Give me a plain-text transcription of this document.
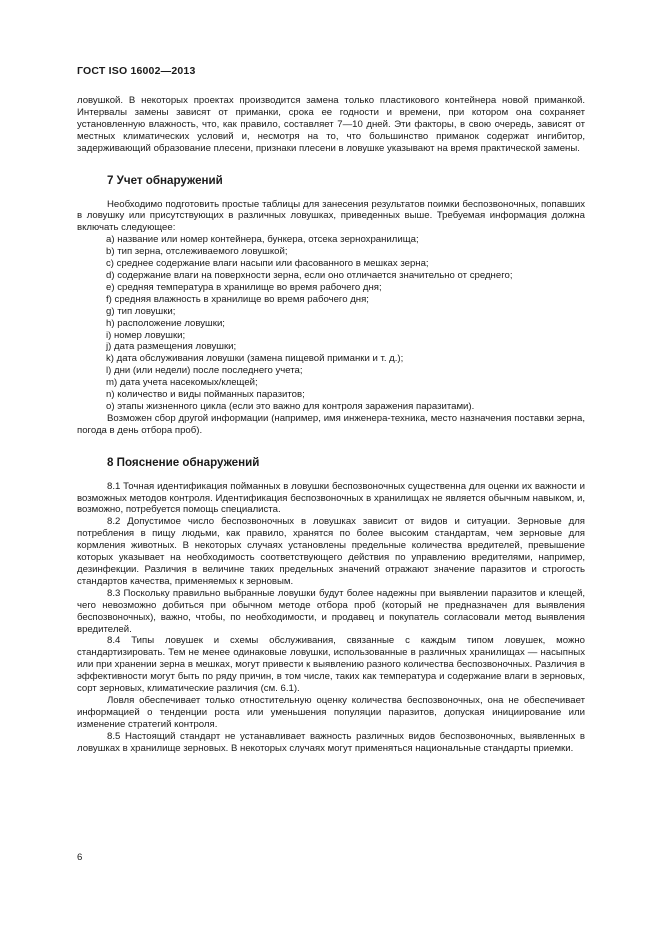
ГОСТ ISO 16002—2013

ловушкой. В некоторых проектах производится замена только пластикового контейнера новой приманкой. Интервалы замены зависят от приманки, срока ее годности и времени, при котором она сохраняет установленную влажность, что, как правило, составляет 7—10 дней. Эти факторы, в свою очередь, зависят от местных климатических условий и, несмотря на то, что большинство приманок содержат ингибитор, задерживающий образование плесени, признаки плесени в ловушке указывают на время практической замены.

7 Учет обнаружений

Необходимо подготовить простые таблицы для занесения результатов поимки беспозвоночных, попавших в ловушку или присутствующих в различных ловушках, приведенных выше. Требуемая информация должна включать следующее:

a) название или номер контейнера, бункера, отсека зернохранилища;
b) тип зерна, отслеживаемого ловушкой;
c) среднее содержание влаги насыпи или фасованного в мешках зерна;
d) содержание влаги на поверхности зерна, если оно отличается значительно от среднего;
e) средняя температура в хранилище во время рабочего дня;
f) средняя влажность в хранилище во время рабочего дня;
g) тип ловушки;
h) расположение ловушки;
i) номер ловушки;
j) дата размещения ловушки;
k) дата обслуживания ловушки (замена пищевой приманки и т. д.);
l) дни (или недели) после последнего учета;
m) дата учета насекомых/клещей;
n) количество и виды пойманных паразитов;
o) этапы жизненного цикла (если это важно для контроля заражения паразитами).

Возможен сбор другой информации (например, имя инженера-техника, место назначения поставки зерна, погода в день отбора проб).

8 Пояснение обнаружений

8.1 Точная идентификация пойманных в ловушки беспозвоночных существенна для оценки их важности и возможных методов контроля. Идентификация беспозвоночных в хранилищах не является обычным навыком, и, возможно, потребуется помощь специалиста.

8.2 Допустимое число беспозвоночных в ловушках зависит от видов и ситуации. Зерновые для потребления в пищу людьми, как правило, хранятся по более высоким стандартам, чем зерновые для кормления животных. В некоторых случаях установлены предельные количества вредителей, превышение которых указывает на необходимость соответствующего действия по управлению вредителями, например, дезинфекции. Различия в величине таких предельных значений отражают значение паразитов и строгость стандартов качества, применяемых к зерновым.

8.3 Поскольку правильно выбранные ловушки будут более надежны при выявлении паразитов и клещей, чего невозможно добиться при обычном методе отбора проб (который не предназначен для выявления беспозвоночных), важно, чтобы, по необходимости, и продавец и покупатель согласовали метод выявления вредителей.

8.4 Типы ловушек и схемы обслуживания, связанные с каждым типом ловушек, можно стандартизировать. Тем не менее одинаковые ловушки, использованные в различных хранилищах — насыпных или при хранении зерна в мешках, могут привести к выявлению разного количества беспозвоночных. Различия в эффективности могут быть по ряду причин, в том числе, таких как температура и содержание влаги в зерновых, сорт зерновых, климатические различия (см. 6.1).

Ловля обеспечивает только отностительную оценку количества беспозвоночных, она не обеспечивает информацией о тенденции роста или уменьшения популяции паразитов, допуская инициирование или изменение стратегий контроля.

8.5 Настоящий стандарт не устанавливает важность различных видов беспозвоночных, выявленных в ловушках в хранилище зерновых. В некоторых случаях могут применяться национальные стандарты приемки.

6
